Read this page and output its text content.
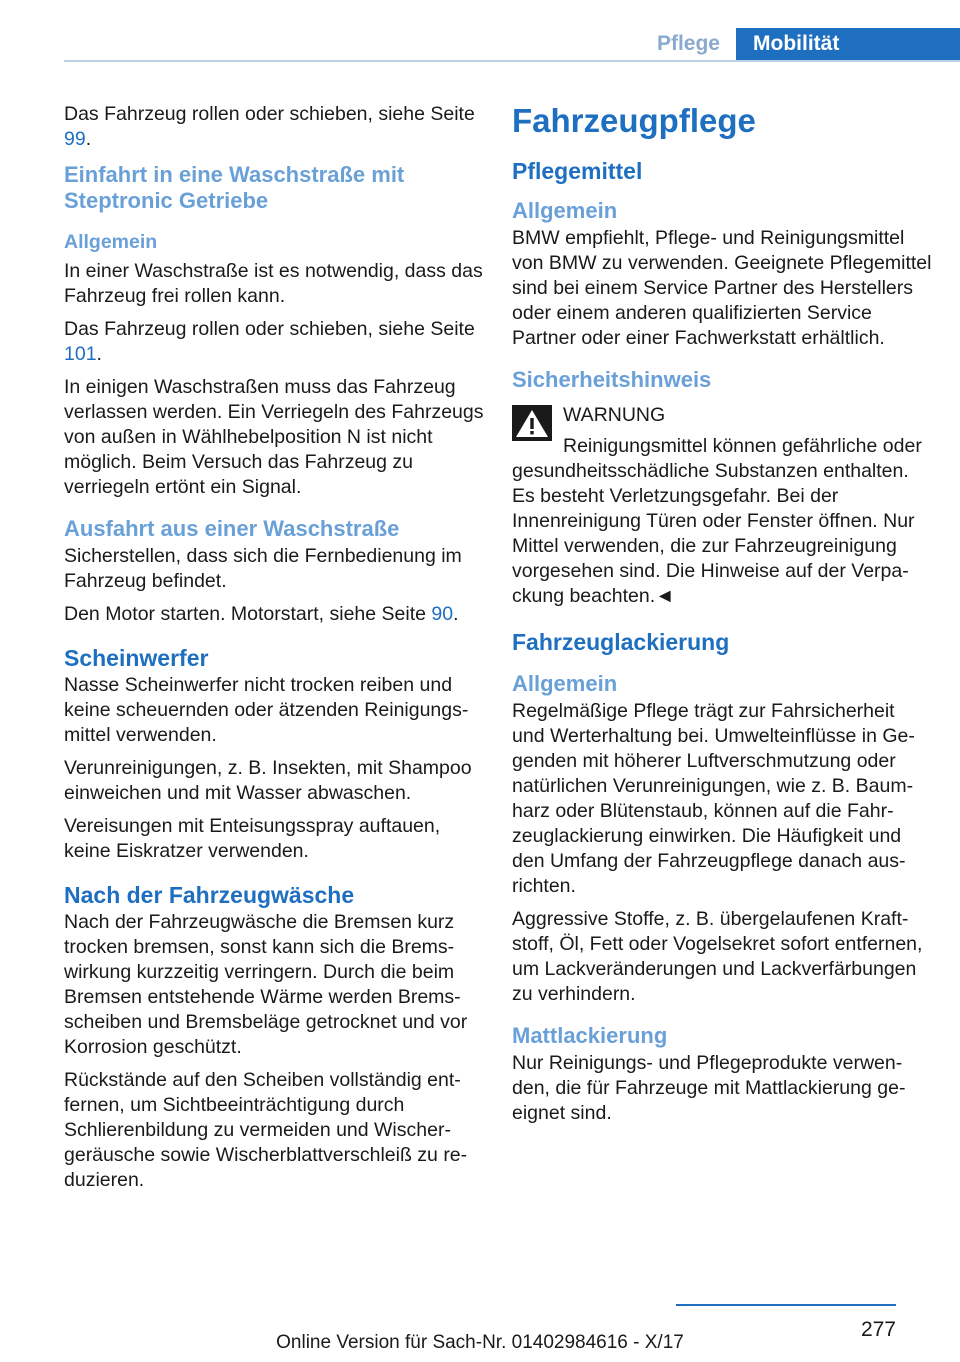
Pflege	Mobilität

Das Fahrzeug rollen oder schieben, siehe Seite 99.

Einfahrt in eine Waschstraße mit Steptronic Getriebe
Allgemein

In einer Waschstraße ist es notwendig, dass das Fahrzeug frei rollen kann.

Das Fahrzeug rollen oder schieben, siehe Seite 101.

In einigen Waschstraßen muss das Fahrzeug verlassen werden. Ein Verriegeln des Fahrzeugs von außen in Wählhebelposition N ist nicht möglich. Beim Versuch das Fahrzeug zu verriegeln ertönt ein Signal.

Ausfahrt aus einer Waschstraße

Sicherstellen, dass sich die Fernbedienung im Fahrzeug befindet.

Den Motor starten. Motorstart, siehe Seite 90.

Scheinwerfer

Nasse Scheinwerfer nicht trocken reiben und keine scheuernden oder ätzenden Reinigungsmittel verwenden.

Verunreinigungen, z. B. Insekten, mit Shampoo einweichen und mit Wasser abwaschen.

Vereisungen mit Enteisungsspray auftauen, keine Eiskratzer verwenden.

Nach der Fahrzeugwäsche

Nach der Fahrzeugwäsche die Bremsen kurz trocken bremsen, sonst kann sich die Bremswirkung kurzzeitig verringern. Durch die beim Bremsen entstehende Wärme werden Bremsscheiben und Bremsbeläge getrocknet und vor Korrosion geschützt.

Rückstände auf den Scheiben vollständig entfernen, um Sichtbeeinträchtigung durch Schlierenbildung zu vermeiden und Wischergeräusche sowie Wischerblattverschleiß zu reduzieren.

Fahrzeugpflege
Pflegemittel
Allgemein

BMW empfiehlt, Pflege- und Reinigungsmittel von BMW zu verwenden. Geeignete Pflegemittel sind bei einem Service Partner des Herstellers oder einem anderen qualifizierten Service Partner oder einer Fachwerkstatt erhältlich.

Sicherheitshinweis

WARNUNG

Reinigungsmittel können gefährliche oder gesundheitsschädliche Substanzen enthalten. Es besteht Verletzungsgefahr. Bei der Innenreinigung Türen oder Fenster öffnen. Nur Mittel verwenden, die zur Fahrzeugreinigung vorgesehen sind. Die Hinweise auf der Verpackung beachten.◄

Fahrzeuglackierung
Allgemein

Regelmäßige Pflege trägt zur Fahrsicherheit und Werterhaltung bei. Umwelteinflüsse in Gegenden mit höherer Luftverschmutzung oder natürlichen Verunreinigungen, wie z. B. Baumharz oder Blütenstaub, können auf die Fahrzeuglackierung einwirken. Die Häufigkeit und den Umfang der Fahrzeugpflege danach ausrichten.

Aggressive Stoffe, z. B. übergelaufenen Kraftstoff, Öl, Fett oder Vogelsekret sofort entfernen, um Lackveränderungen und Lackverfärbungen zu verhindern.

Mattlackierung

Nur Reinigungs- und Pflegeprodukte verwenden, die für Fahrzeuge mit Mattlackierung geeignet sind.

277
Online Version für Sach-Nr. 01402984616 - X/17
